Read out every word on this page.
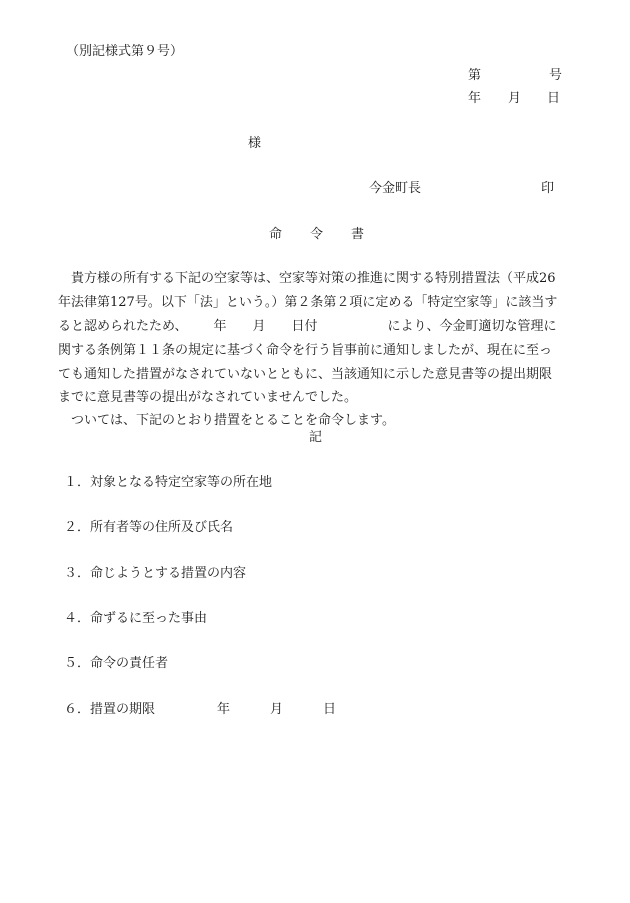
（別記様式第９号）
第	号
年 月 日
様
今金町長	印
命 令 書
　貴方様の所有する下記の空家等は、空家等対策の推進に関する特別措置法（平成26
年法律第127号。以下「法」という。）第２条第２項に定める「特定空家等」に該当す
ると認められたため、 年 月 日付	により、今金町適切な管理に
関する条例第１１条の規定に基づく命令を行う旨事前に通知しましたが、現在に至っ
ても通知した措置がなされていないとともに、当該通知に示した意見書等の提出期限
までに意見書等の提出がなされていませんでした。
　ついては、下記のとおり措置をとることを命令します。
記
１．対象となる特定空家等の所在地
２．所有者等の住所及び氏名
３．命じようとする措置の内容
４．命ずるに至った事由
５．命令の責任者
６．措置の期限	年	月	日
